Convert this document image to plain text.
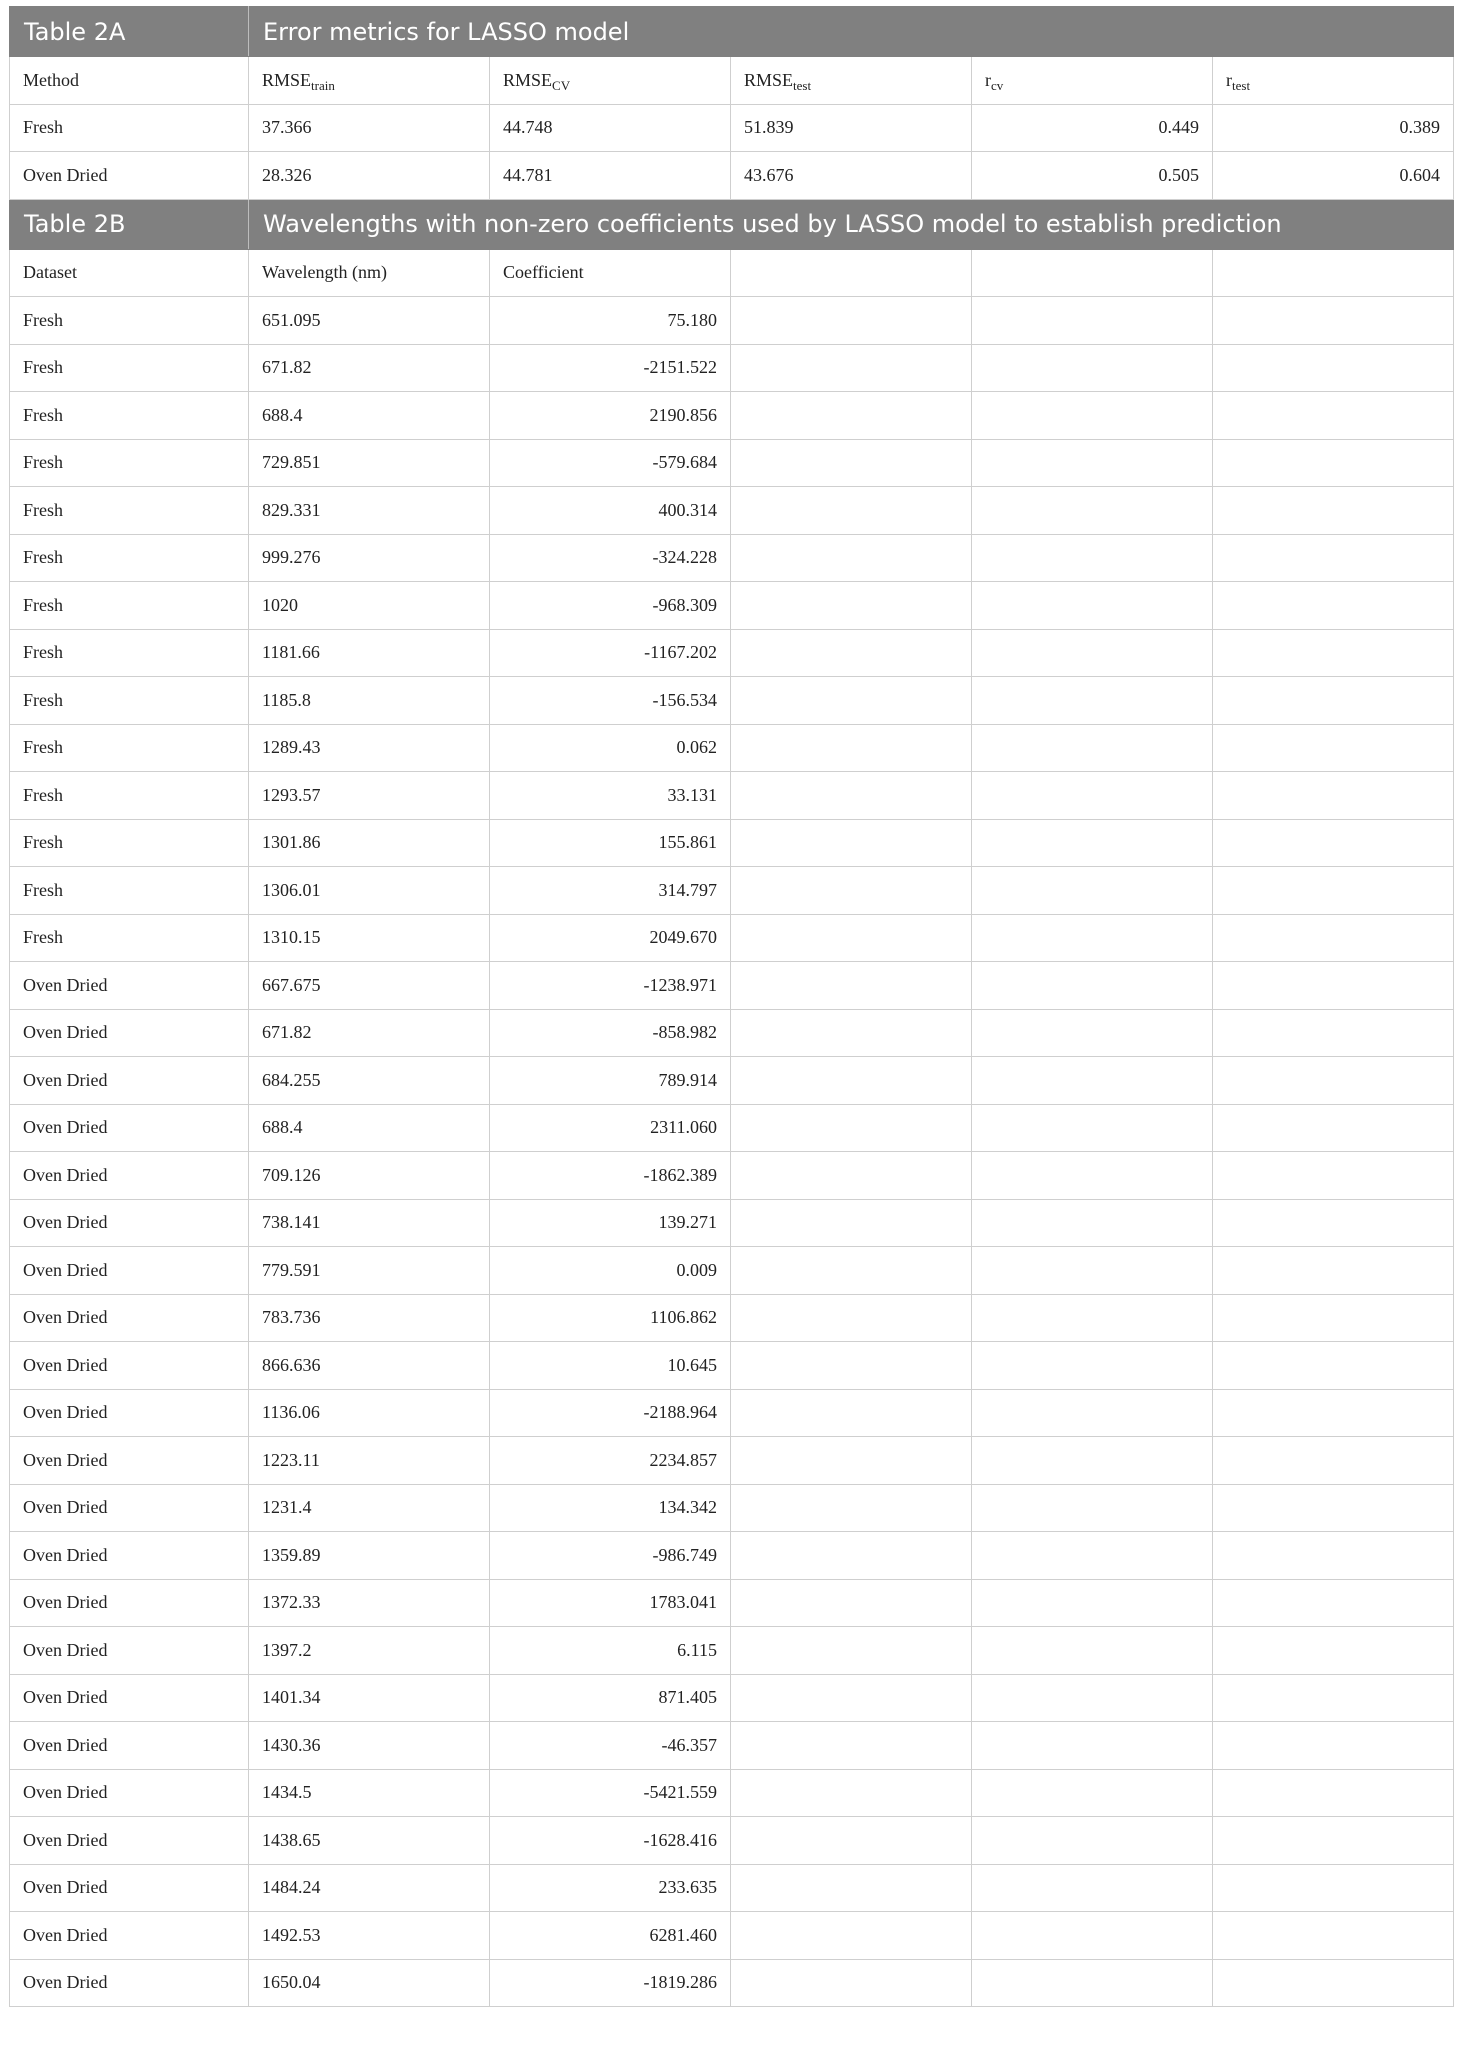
Table 2A	Error metrics for LASSO model				
Method	$RMSE_{train}$	$RMSE_{CV}$	$RMSE_{test}$	$r_{cv}$	$r_{test}$
Fresh	37.366	44.748	51.839	0.449	0.389
Oven Dried	28.326	44.781	43.676	0.505	0.604
Table 2B	Wavelengths with non-zero coefficients used by LASSO model to establish prediction				
Dataset	Wavelength (nm)	Coefficient			
Fresh	651.095	75.180			
Fresh	671.82	-2151.522			
Fresh	688.4	2190.856			
Fresh	729.851	-579.684			
Fresh	829.331	400.314			
Fresh	999.276	-324.228			
Fresh	1020	-968.309			
Fresh	1181.66	-1167.202			
Fresh	1185.8	-156.534			
Fresh	1289.43	0.062			
Fresh	1293.57	33.131			
Fresh	1301.86	155.861			
Fresh	1306.01	314.797			
Fresh	1310.15	2049.670			
Oven Dried	667.675	-1238.971			
Oven Dried	671.82	-858.982			
Oven Dried	684.255	789.914			
Oven Dried	688.4	2311.060			
Oven Dried	709.126	-1862.389			
Oven Dried	738.141	139.271			
Oven Dried	779.591	0.009			
Oven Dried	783.736	1106.862			
Oven Dried	866.636	10.645			
Oven Dried	1136.06	-2188.964			
Oven Dried	1223.11	2234.857			
Oven Dried	1231.4	134.342			
Oven Dried	1359.89	-986.749			
Oven Dried	1372.33	1783.041			
Oven Dried	1397.2	6.115			
Oven Dried	1401.34	871.405			
Oven Dried	1430.36	-46.357			
Oven Dried	1434.5	-5421.559			
Oven Dried	1438.65	-1628.416			
Oven Dried	1484.24	233.635			
Oven Dried	1492.53	6281.460			
Oven Dried	1650.04	-1819.286			
